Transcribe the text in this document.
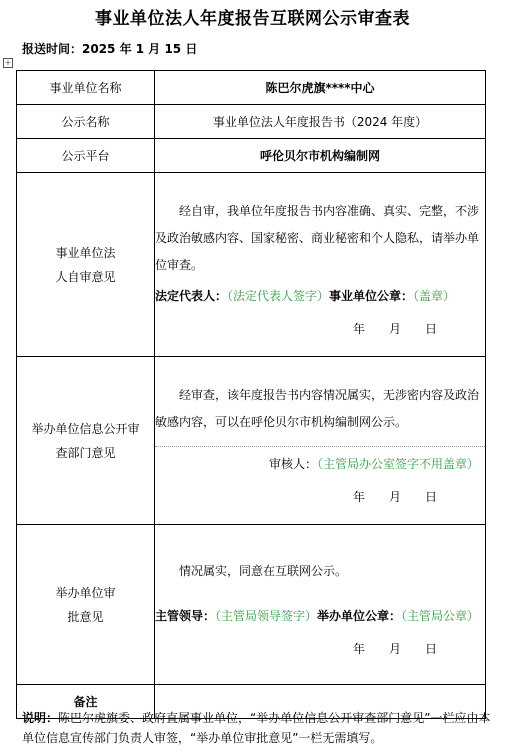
事业单位法人年度报告互联网公示审查表
报送时间：2025 年 1 月 15 日
+
事业单位名称	陈巴尔虎旗****中心
公示名称	事业单位法人年度报告书（2024 年度）
公示平台	呼伦贝尔市机构编制网

事业单位法人自审意见	经自审，我单位年度报告书内容准确、真实、完整，不涉及政治敏感内容、国家秘密、商业秘密和个人隐私，请举办单位审查。
法定代表人：（法定代表人签字）事业单位公章：（盖章）
年　　月　　日

举办单位信息公开审查部门意见	经审查，该年度报告书内容情况属实，无涉密内容及政治敏感内容，可以在呼伦贝尔市机构编制网公示。
审核人：（主管局办公室签字不用盖章）
年　　月　　日

举办单位审批意见	情况属实，同意在互联网公示。
主管领导：（主管局领导签字）举办单位公章：（主管局公章）
年　　月　　日

备注	
说明：陈巴尔虎旗委、政府直属事业单位，“举办单位信息公开审查部门意见”一栏应由本单位信息宣传部门负责人审签，“举办单位审批意见”一栏无需填写。
